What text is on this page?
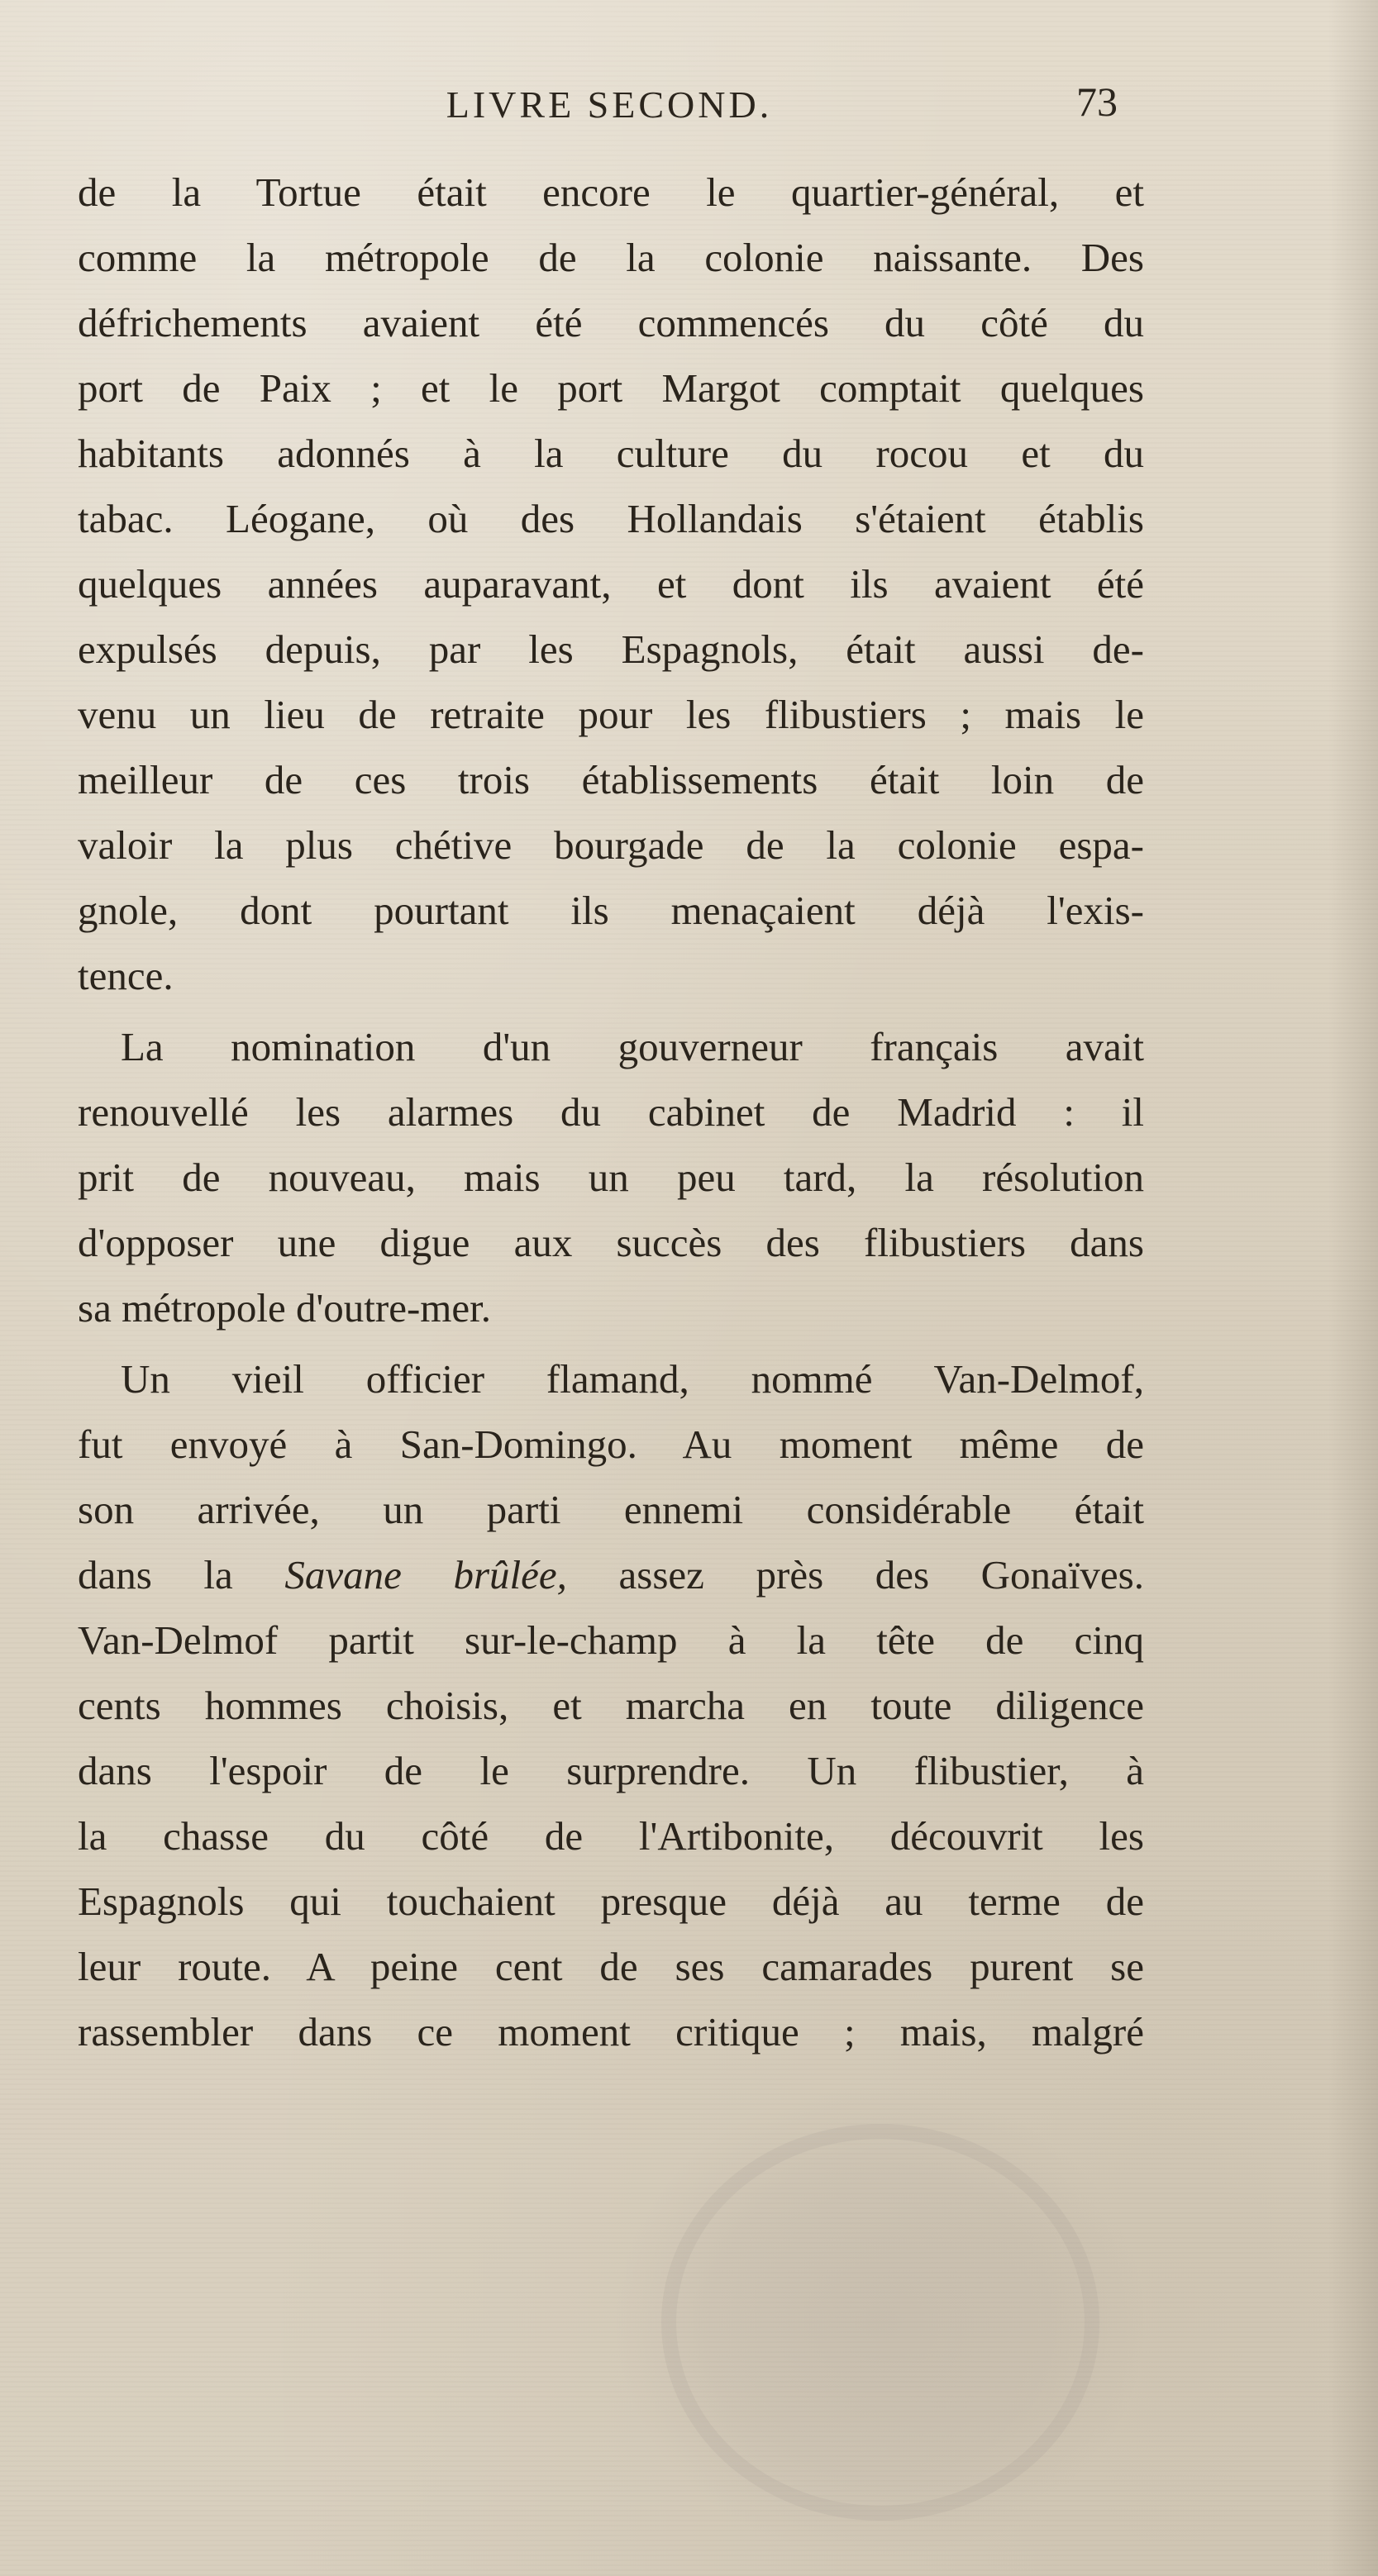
LIVRE SECOND.	73
de la Tortue était encore le quartier-général, et
comme la métropole de la colonie naissante. Des
défrichements avaient été commencés du côté du
port de Paix ; et le port Margot comptait quelques
habitants adonnés à la culture du rocou et du
tabac. Léogane, où des Hollandais s'étaient établis
quelques années auparavant, et dont ils avaient été
expulsés depuis, par les Espagnols, était aussi de-
venu un lieu de retraite pour les flibustiers ; mais le
meilleur de ces trois établissements était loin de
valoir la plus chétive bourgade de la colonie espa-
gnole, dont pourtant ils menaçaient déjà l'exis-
tence.
La nomination d'un gouverneur français avait
renouvellé les alarmes du cabinet de Madrid : il
prit de nouveau, mais un peu tard, la résolution
d'opposer une digue aux succès des flibustiers dans
sa métropole d'outre-mer.
Un vieil officier flamand, nommé Van-Delmof,
fut envoyé à San-Domingo. Au moment même de
son arrivée, un parti ennemi considérable était
dans la Savane brûlée, assez près des Gonaïves.
Van-Delmof partit sur-le-champ à la tête de cinq
cents hommes choisis, et marcha en toute diligence
dans l'espoir de le surprendre. Un flibustier, à
la chasse du côté de l'Artibonite, découvrit les
Espagnols qui touchaient presque déjà au terme de
leur route. A peine cent de ses camarades purent se
rassembler dans ce moment critique ; mais, malgré
